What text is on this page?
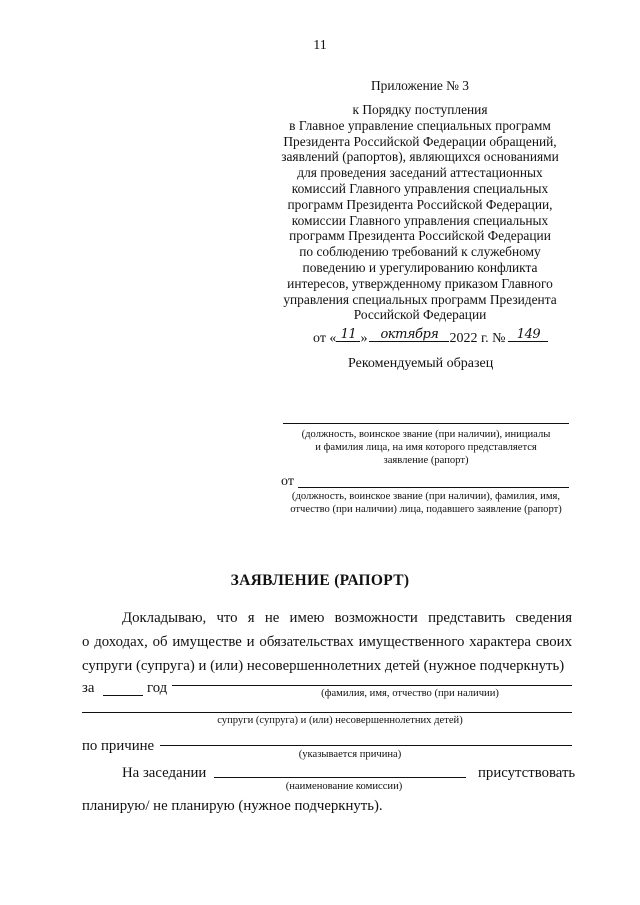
11
Приложение № 3
к Порядку поступления
в Главное управление специальных программ
Президента Российской Федерации обращений,
заявлений (рапортов), являющихся основаниями
для проведения заседаний аттестационных
комиссий Главного управления специальных
программ Президента Российской Федерации,
комиссии Главного управления специальных
программ Президента Российской Федерации
по соблюдению требований к служебному
поведению и урегулированию конфликта
интересов, утвержденному приказом Главного
управления специальных программ Президента
Российской Федерации
от « 11 »	октября 2022 г. № 149
Рекомендуемый образец
(должность, воинское звание (при наличии), инициалы
и фамилия лица, на имя которого представляется
заявление (рапорт)
от
(должность, воинское звание (при наличии), фамилия, имя,
отчество (при наличии) лица, подавшего заявление (рапорт)
ЗАЯВЛЕНИЕ (РАПОРТ)
Докладываю, что я не имею возможности представить сведения
о доходах, об имуществе и обязательствах имущественного характера своих
супруги (супруга) и (или) несовершеннолетних детей (нужное подчеркнуть)
за	год	(фамилия, имя, отчество (при наличии)
супруги (супруга) и (или) несовершеннолетних детей)
по причине
(указывается причина)
На заседании	присутствовать
(наименование комиссии)
планирую/ не планирую (нужное подчеркнуть).
